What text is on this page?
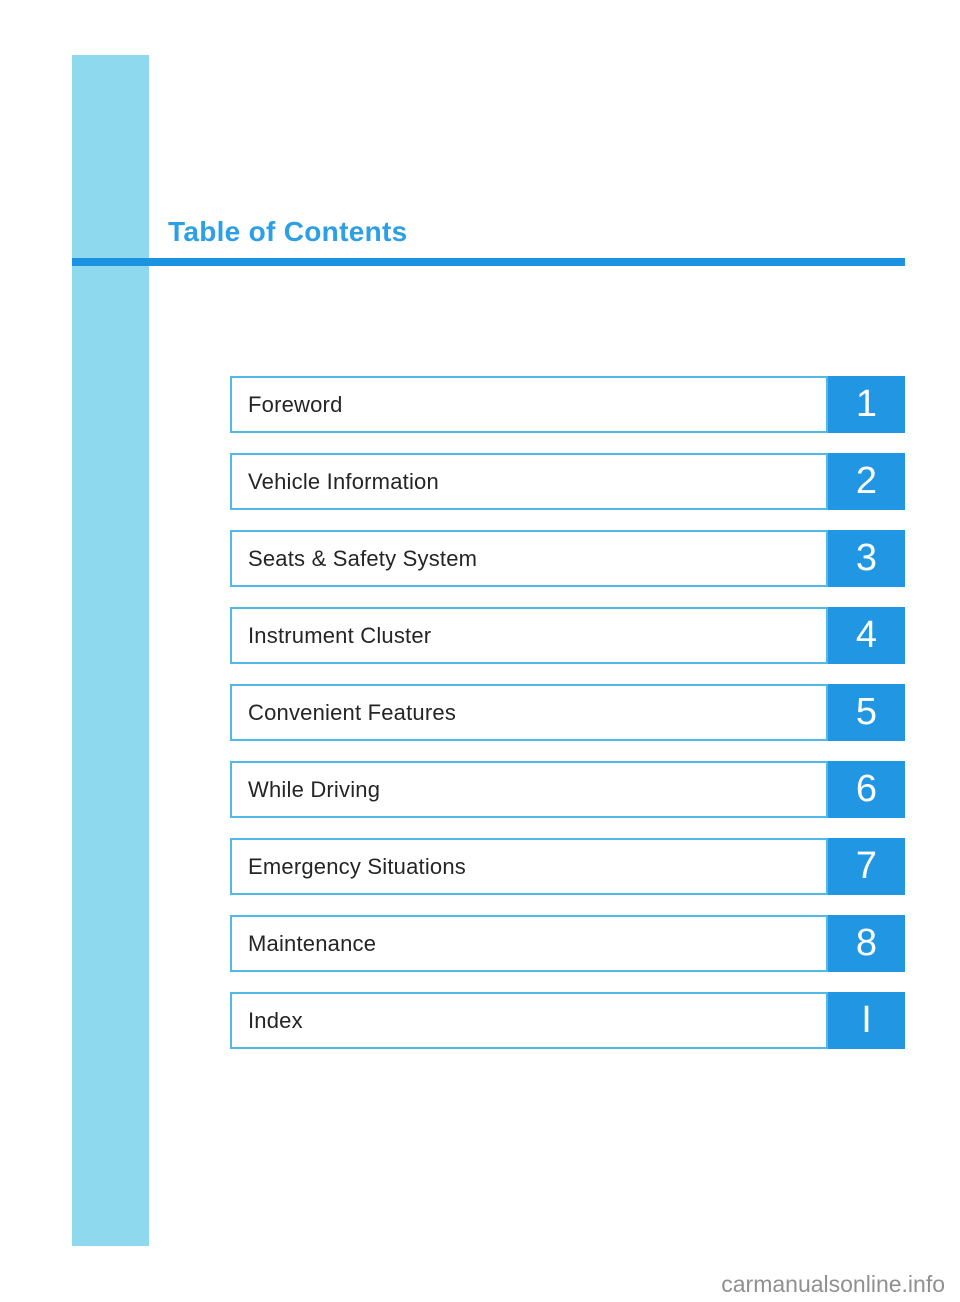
Table of Contents
Foreword	1
Vehicle Information	2
Seats & Safety System	3
Instrument Cluster	4
Convenient Features	5
While Driving	6
Emergency Situations	7
Maintenance	8
Index	I
carmanualsonline.info
